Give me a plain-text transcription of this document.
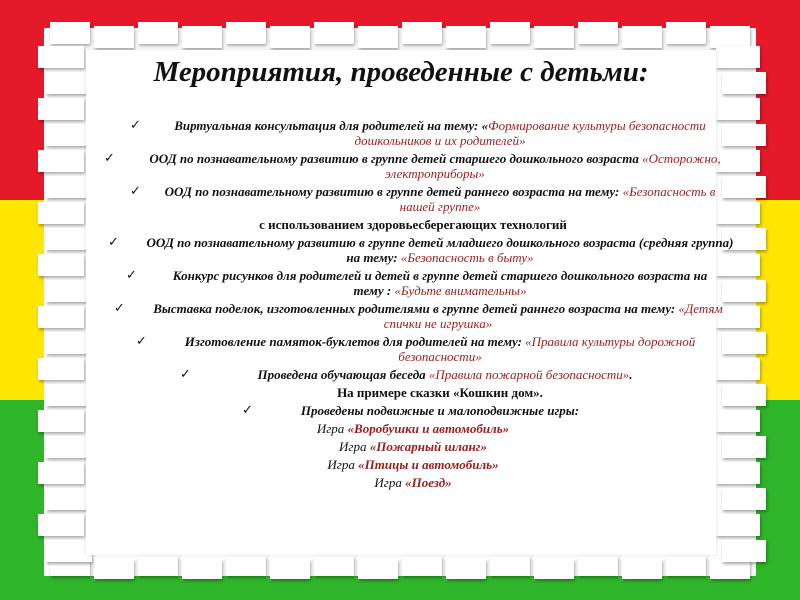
Мероприятия, проведенные с детьми:
✓	Виртуальная консультация для родителей на тему: «Формирование культуры безопасности дошкольников и их родителей»
✓	ООД по познавательному развитию в группе детей старшего дошкольного возраста «Осторожно, электроприборы»
✓	ООД по познавательному развитию в группе детей раннего возраста на тему: «Безопасность в нашей группе»
с использованием здоровьесберегающих технологий
✓	ООД по познавательному развитию в группе детей младшего дошкольного возраста (средняя группа) на тему: «Безопасность в быту»
✓	Конкурс рисунков для родителей и детей в группе детей старшего дошкольного возраста на тему : «Будьте внимательны»
✓	Выставка поделок, изготовленных родителями в группе детей раннего возраста на тему: «Детям спички не игрушка»
✓	Изготовление памяток-буклетов для родителей на тему: «Правила культуры дорожной безопасности»
✓	Проведена обучающая беседа «Правила пожарной безопасности».
На примере сказки «Кошкин дом».
✓	Проведены подвижные и малоподвижные игры:
Игра «Воробушки и автомобиль»
Игра «Пожарный шланг»
Игра «Птицы и автомобиль»
Игра «Поезд»
